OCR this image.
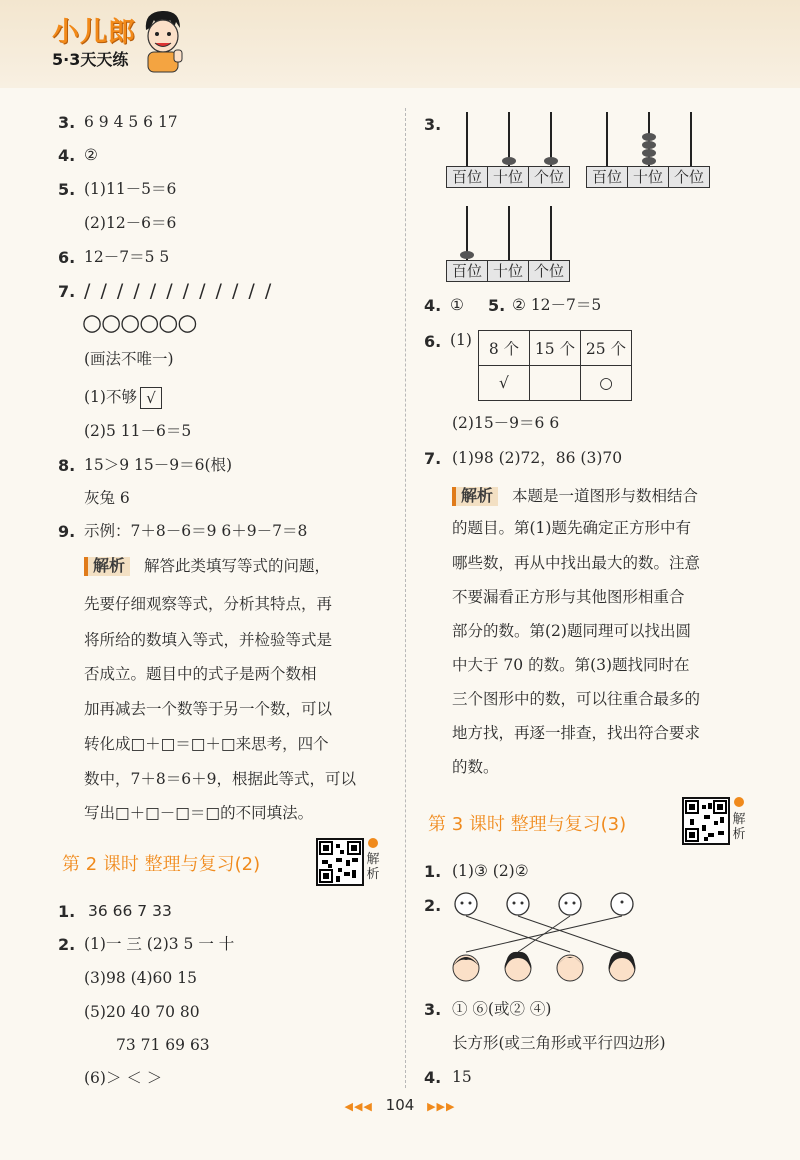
小儿郎
5·3天天练
3. 6 9 4 5 6 17
4. ②
5. (1)11－5＝6
(2)12－6＝6
6. 12－7＝5 5
7. / / / / / / / / / / / /
○○○○○○
(画法不唯一)
(1)不够 √
(2)5 11－6＝5
8. 15＞9 15－9＝6(根)
灰兔 6
9. 示例：7＋8－6＝9 6＋9－7＝8
解析 解答此类填写等式的问题，
先要仔细观察等式，分析其特点，再
将所给的数填入等式，并检验等式是
否成立。题目中的式子是两个数相
加再减去一个数等于另一个数，可以
转化成□＋□＝□＋□来思考，四个
数中，7＋8＝6＋9，根据此等式，可以
写出□＋□－□＝□的不同填法。
第 2 课时 整理与复习(2)	解析
1. 36 66 7 33
2. (1)一 三 (2)3 5 一 十
(3)98 (4)60 15
(5)20 40 70 80
73 71 69 63
(6)＞ ＜ ＞
3.
百位 十位 个位	百位 十位 个位
百位 十位 个位
4. ① 5. ② 12－7＝5
6. (1) 8 个	15 个	25 个
√		○
(2)15－9＝6 6
7. (1)98 (2)72，86 (3)70
解析 本题是一道图形与数相结合
的题目。第(1)题先确定正方形中有
哪些数，再从中找出最大的数。注意
不要漏看正方形与其他图形相重合
部分的数。第(2)题同理可以找出圆
中大于 70 的数。第(3)题找同时在
三个图形中的数，可以往重合最多的
地方找，再逐一排查，找出符合要求
的数。
第 3 课时 整理与复习(3)	解析
1. (1)③ (2)②
2.
3. ① ⑥(或② ④)
长方形(或三角形或平行四边形)
4. 15
◀◀◀ 104 ▶▶▶
